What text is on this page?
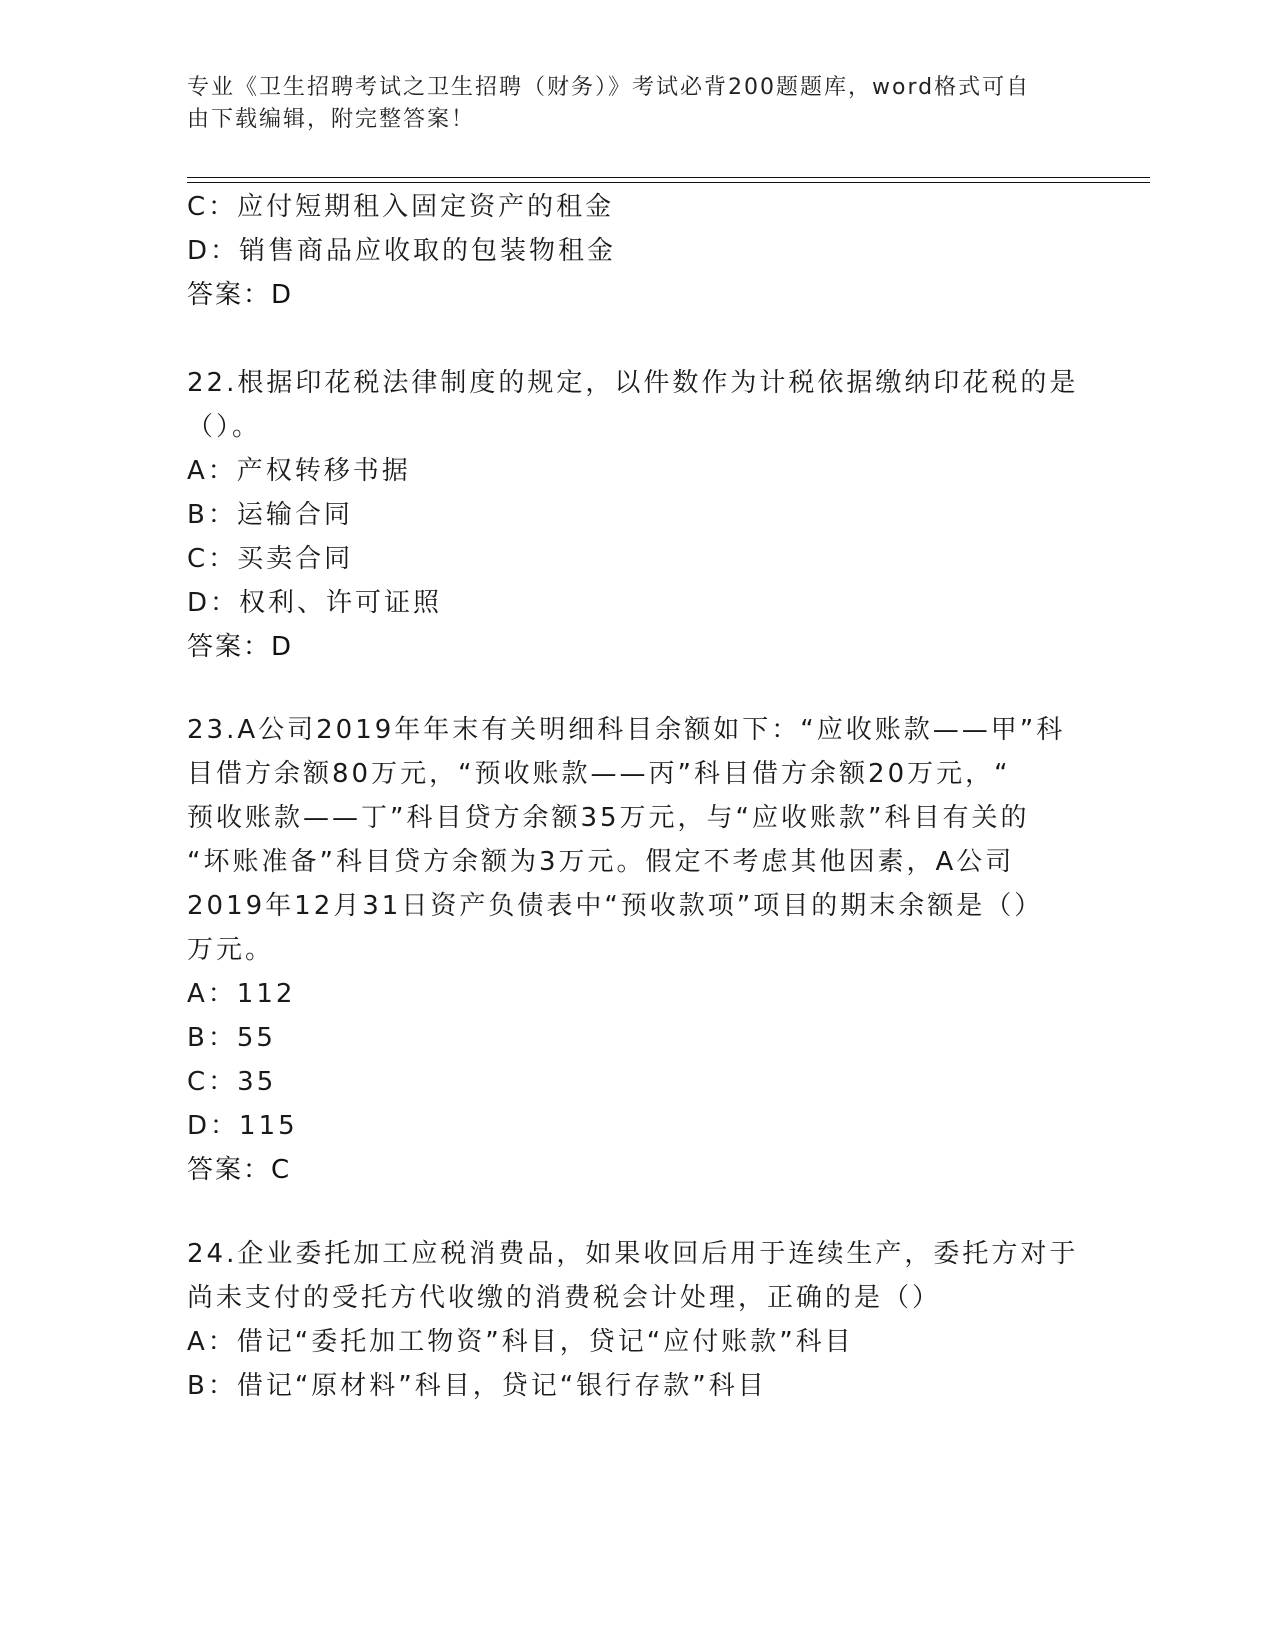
专业《卫生招聘考试之卫生招聘（财务）》考试必背200题题库，word格式可自
由下载编辑，附完整答案！
C：应付短期租入固定资产的租金
D：销售商品应收取的包装物租金
答案：D
22.根据印花税法律制度的规定，以件数作为计税依据缴纳印花税的是
（）。
A：产权转移书据
B：运输合同
C：买卖合同
D：权利、许可证照
答案：D
23.A公司2019年年末有关明细科目余额如下：“应收账款——甲”科
目借方余额80万元，“预收账款——丙”科目借方余额20万元，“
预收账款——丁”科目贷方余额35万元，与“应收账款”科目有关的
“坏账准备”科目贷方余额为3万元。假定不考虑其他因素，A公司
2019年12月31日资产负债表中“预收款项”项目的期末余额是（）
万元。
A：112
B：55
C：35
D：115
答案：C
24.企业委托加工应税消费品，如果收回后用于连续生产，委托方对于
尚未支付的受托方代收缴的消费税会计处理，正确的是（）
A：借记“委托加工物资”科目，贷记“应付账款”科目
B：借记“原材料”科目，贷记“银行存款”科目
